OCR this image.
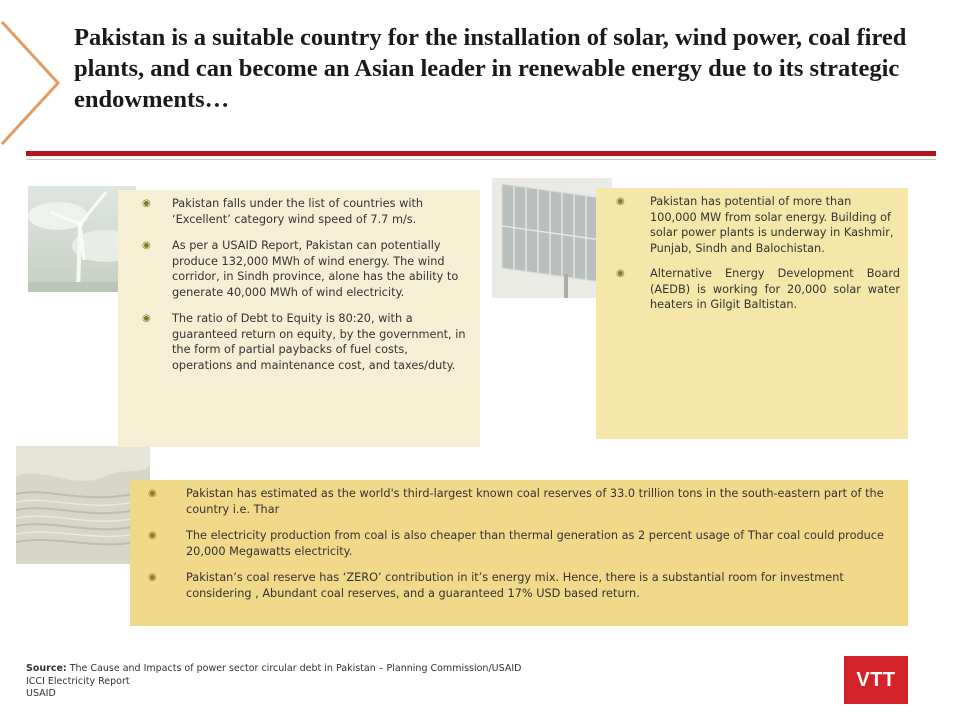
Pakistan is a suitable country for the installation of solar, wind power, coal fired plants, and can become an Asian leader in renewable energy due to its strategic endowments…
◉ Pakistan falls under the list of countries with ‘Excellent’ category wind speed of 7.7 m/s.
◉ As per a USAID Report, Pakistan can potentially produce 132,000 MWh of wind energy. The wind corridor, in Sindh province, alone has the ability to generate 40,000 MWh of wind electricity.
◉ The ratio of Debt to Equity is 80:20, with a guaranteed return on equity, by the government, in the form of partial paybacks of fuel costs, operations and maintenance cost, and taxes/duty.
◉ Pakistan has potential of more than 100,000 MW from solar energy. Building of solar power plants is underway in Kashmir, Punjab, Sindh and Balochistan.
◉ Alternative Energy Development Board (AEDB) is working for 20,000 solar water heaters in Gilgit Baltistan.
◉	Pakistan has estimated as the world's third-largest known coal reserves of 33.0 trillion tons in the south-eastern part of the country i.e. Thar
◉	The electricity production from coal is also cheaper than thermal generation as 2 percent usage of Thar coal could produce 20,000 Megawatts electricity.
◉	Pakistan’s coal reserve has ‘ZERO’ contribution in it’s energy mix. Hence, there is a substantial room for investment considering , Abundant coal reserves, and a guaranteed 17% USD based return.
Source: The Cause and Impacts of power sector circular debt in Pakistan – Planning Commission/USAID
ICCI Electricity Report
USAID
VTT
